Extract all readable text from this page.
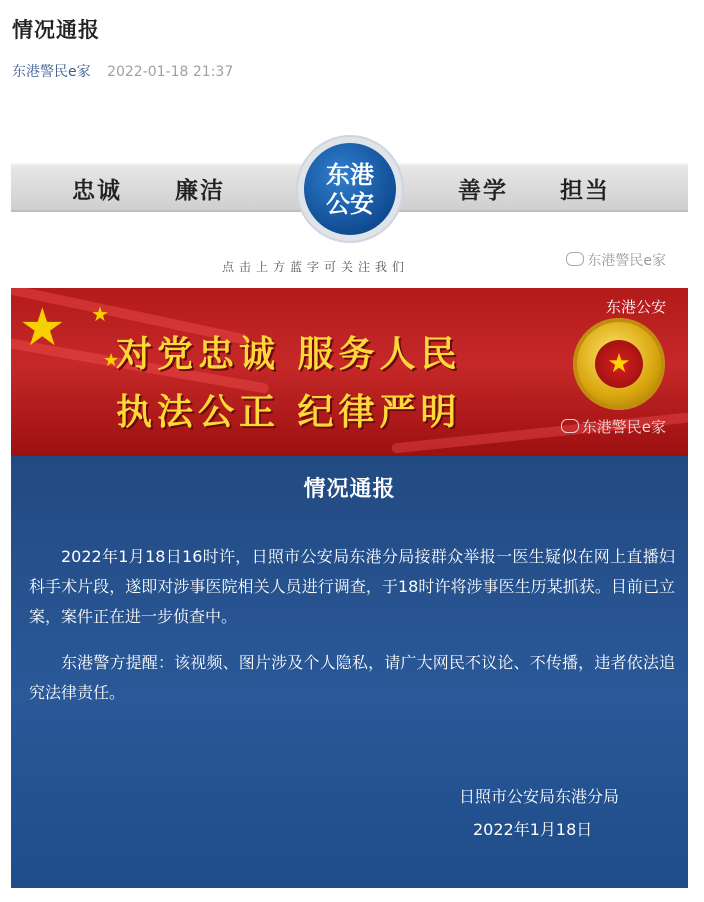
情况通报
东港警民e家 2022-01-18 21:37
忠诚 廉洁	善学 担当
东港
公安
点击上方蓝字可关注我们	东港警民e家
★ ★
★
对党忠诚 服务人民
执法公正 纪律严明
东港公安
★
东港警民e家
情况通报
2022年1月18日16时许，日照市公安局东港分局接群众举报一医生疑似在网上直播妇科手术片段，遂即对涉事医院相关人员进行调查，于18时许将涉事医生历某抓获。目前已立案，案件正在进一步侦查中。
东港警方提醒：该视频、图片涉及个人隐私，请广大网民不议论、不传播，违者依法追究法律责任。
日照市公安局东港分局
2022年1月18日
